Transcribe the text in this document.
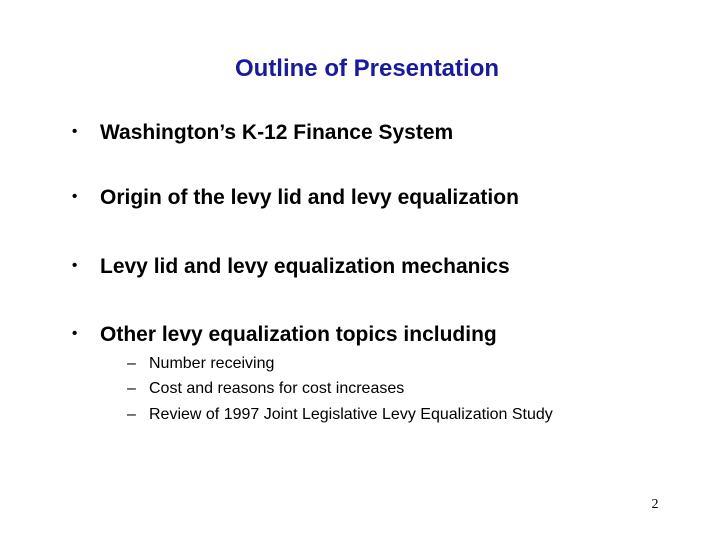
Outline of Presentation
• Washington’s K-12 Finance System
• Origin of the levy lid and levy equalization
• Levy lid and levy equalization mechanics
• Other levy equalization topics including
– Number receiving
– Cost and reasons for cost increases
– Review of 1997 Joint Legislative Levy Equalization Study
2
